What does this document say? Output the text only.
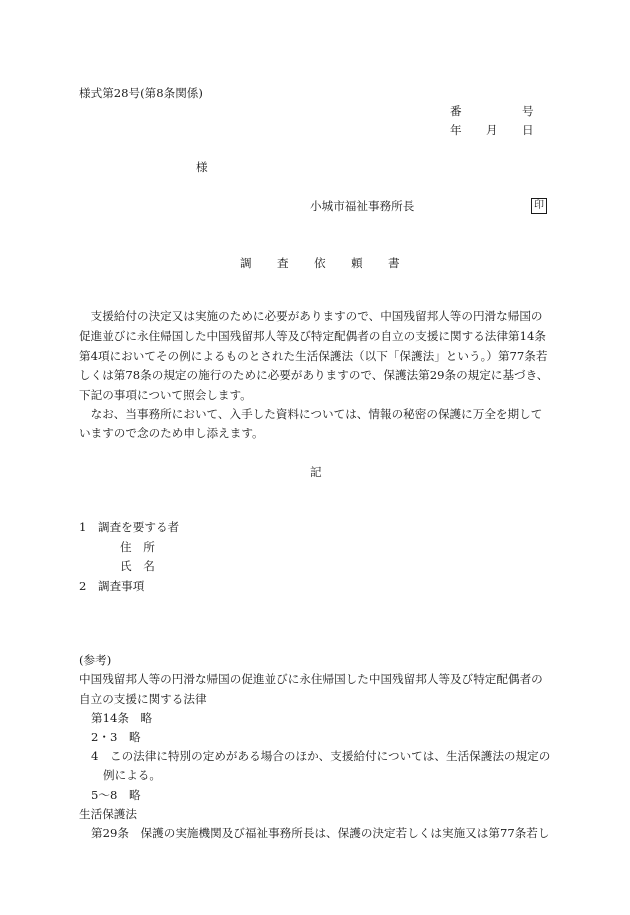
様式第28号(第8条関係)
番	号
年 月 日
様
小城市福祉事務所長	印
調 査 依 頼 書
　支援給付の決定又は実施のために必要がありますので、中国残留邦人等の円滑な帰国の
促進並びに永住帰国した中国残留邦人等及び特定配偶者の自立の支援に関する法律第14条
第4項においてその例によるものとされた生活保護法（以下「保護法」という。）第77条若
しくは第78条の規定の施行のために必要がありますので、保護法第29条の規定に基づき、
下記の事項について照会します。
　なお、当事務所において、入手した資料については、情報の秘密の保護に万全を期して
いますので念のため申し添えます。
記
1　調査を要する者
住　所
氏　名
2　調査事項
(参考)
中国残留邦人等の円滑な帰国の促進並びに永住帰国した中国残留邦人等及び特定配偶者の
自立の支援に関する法律
第14条　略
2・3　略
4　この法律に特別の定めがある場合のほか、支援給付については、生活保護法の規定の
例による。
5〜8　略
生活保護法
第29条　保護の実施機関及び福祉事務所長は、保護の決定若しくは実施又は第77条若し
